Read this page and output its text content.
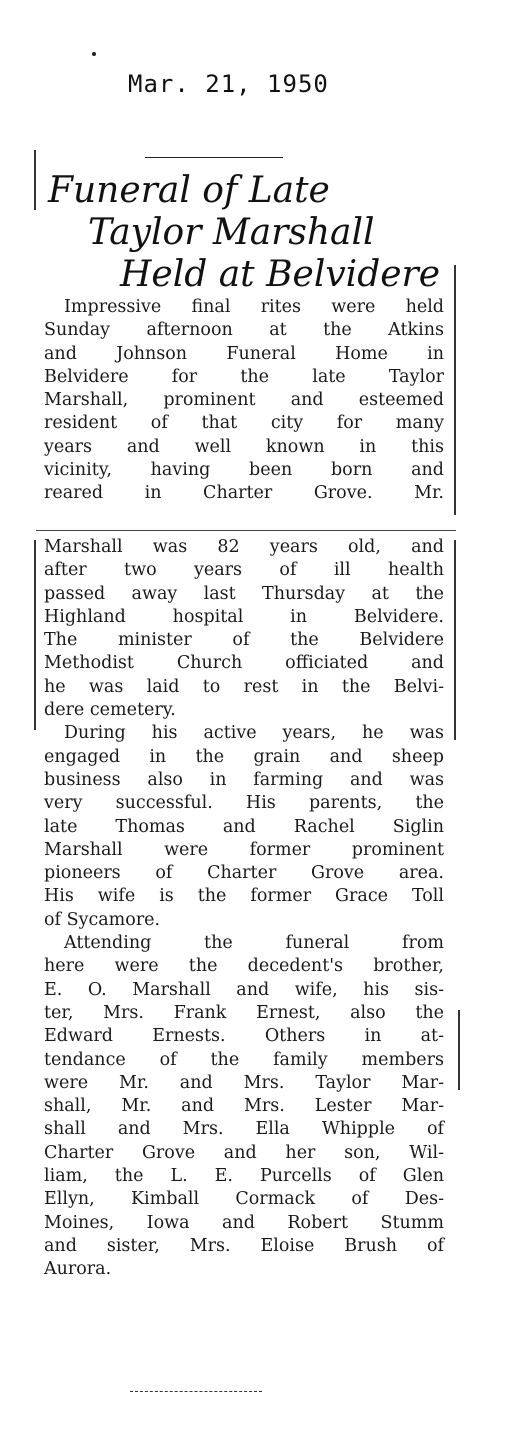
Mar. 21, 1950
Funeral of Late
Taylor Marshall
Held at Belvidere
Impressive final rites were held
Sunday afternoon at the Atkins
and Johnson Funeral Home in
Belvidere for the late Taylor
Marshall, prominent and esteemed
resident of that city for many
years and well known in this
vicinity, having been born and
reared in Charter Grove. Mr.
Marshall was 82 years old, and
after two years of ill health
passed away last Thursday at the
Highland hospital in Belvidere.
The minister of the Belvidere
Methodist Church officiated and
he was laid to rest in the Belvi-
dere cemetery.
During his active years, he was
engaged in the grain and sheep
business also in farming and was
very successful. His parents, the
late Thomas and Rachel Siglin
Marshall were former prominent
pioneers of Charter Grove area.
His wife is the former Grace Toll
of Sycamore.
Attending the funeral from
here were the decedent's brother,
E. O. Marshall and wife, his sis-
ter, Mrs. Frank Ernest, also the
Edward Ernests. Others in at-
tendance of the family members
were Mr. and Mrs. Taylor Mar-
shall, Mr. and Mrs. Lester Mar-
shall and Mrs. Ella Whipple of
Charter Grove and her son, Wil-
liam, the L. E. Purcells of Glen
Ellyn, Kimball Cormack of Des-
Moines, Iowa and Robert Stumm
and sister, Mrs. Eloise Brush of
Aurora.
